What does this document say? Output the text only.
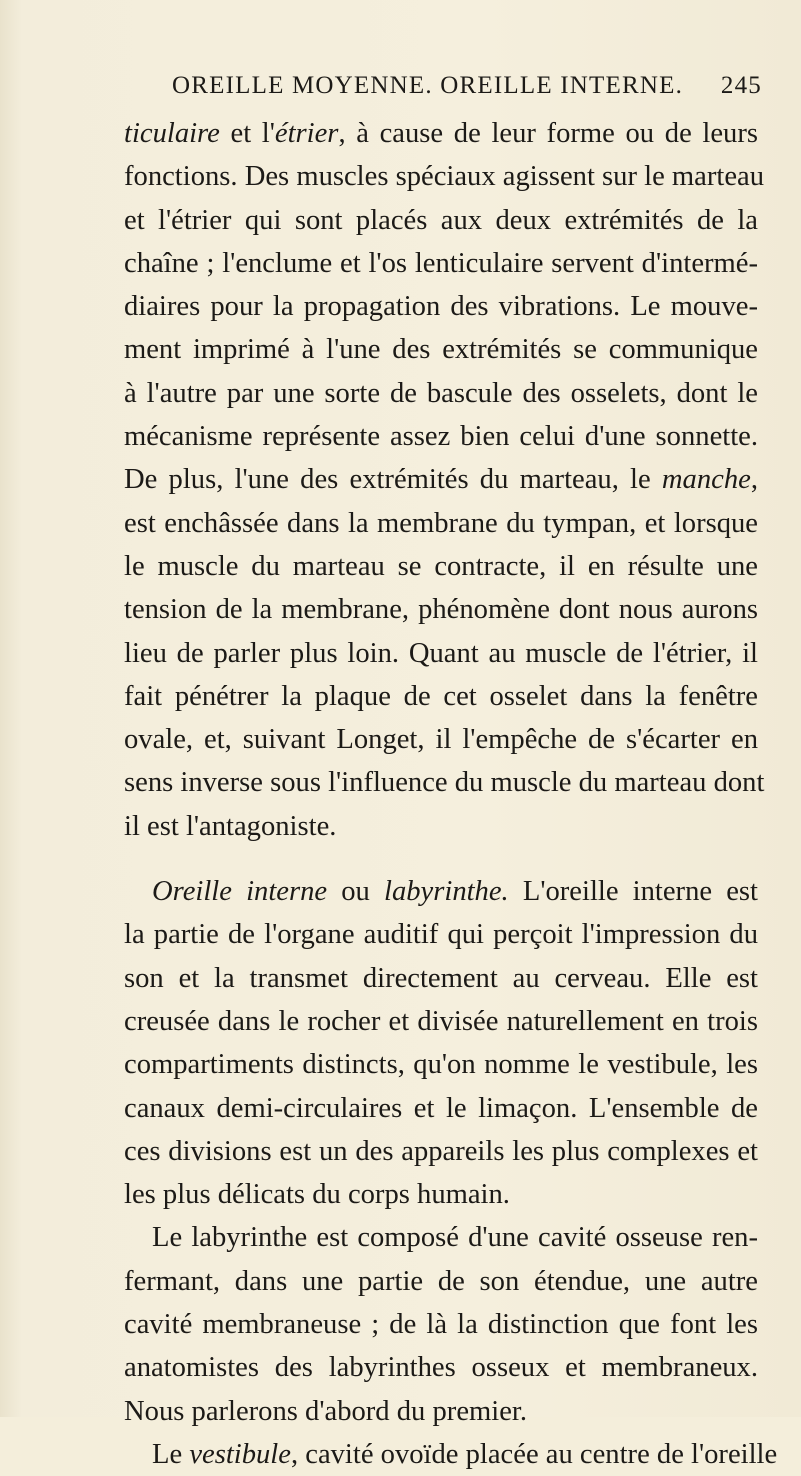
OREILLE MOYENNE. OREILLE INTERNE. 245
ticulaire et l'étrier, à cause de leur forme ou de leurs
fonctions. Des muscles spéciaux agissent sur le marteau
et l'étrier qui sont placés aux deux extrémités de la
chaîne ; l'enclume et l'os lenticulaire servent d'intermé-
diaires pour la propagation des vibrations. Le mouve-
ment imprimé à l'une des extrémités se communique
à l'autre par une sorte de bascule des osselets, dont le
mécanisme représente assez bien celui d'une sonnette.
De plus, l'une des extrémités du marteau, le manche,
est enchâssée dans la membrane du tympan, et lorsque
le muscle du marteau se contracte, il en résulte une
tension de la membrane, phénomène dont nous aurons
lieu de parler plus loin. Quant au muscle de l'étrier, il
fait pénétrer la plaque de cet osselet dans la fenêtre
ovale, et, suivant Longet, il l'empêche de s'écarter en
sens inverse sous l'influence du muscle du marteau dont
il est l'antagoniste.
Oreille interne ou labyrinthe. L'oreille interne est
la partie de l'organe auditif qui perçoit l'impression du
son et la transmet directement au cerveau. Elle est
creusée dans le rocher et divisée naturellement en trois
compartiments distincts, qu'on nomme le vestibule, les
canaux demi-circulaires et le limaçon. L'ensemble de
ces divisions est un des appareils les plus complexes et
les plus délicats du corps humain.
Le labyrinthe est composé d'une cavité osseuse ren-
fermant, dans une partie de son étendue, une autre
cavité membraneuse ; de là la distinction que font les
anatomistes des labyrinthes osseux et membraneux.
Nous parlerons d'abord du premier.
Le vestibule, cavité ovoïde placée au centre de l'oreille
